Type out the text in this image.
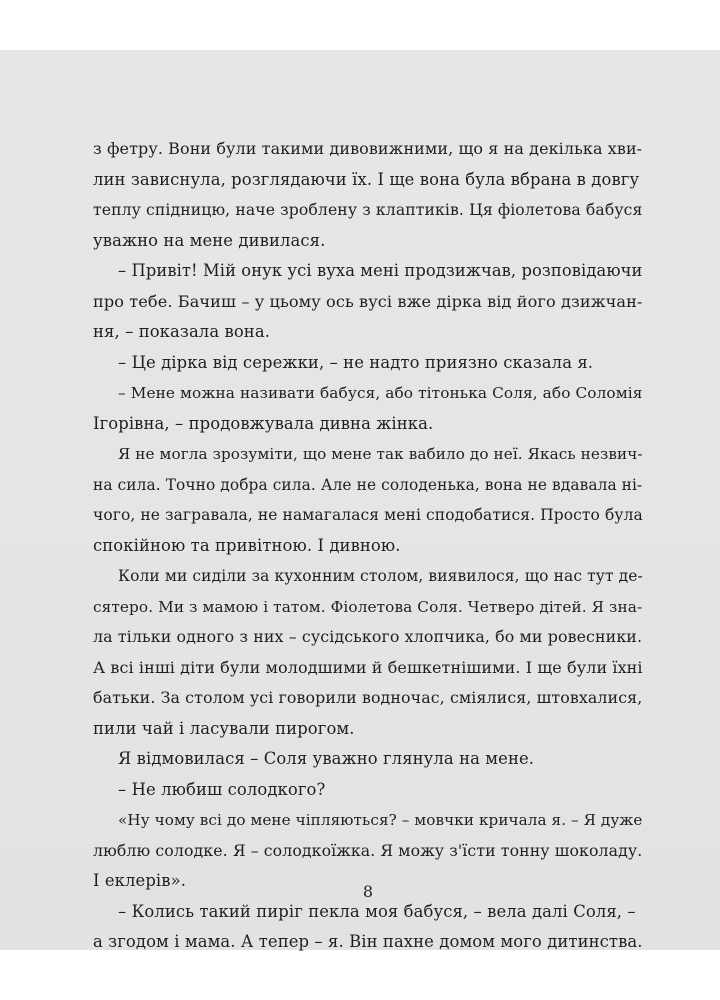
з фетру. Вони були такими дивовижними, що я на декілька хви-
лин зависнула, розглядаючи їх. І ще вона була вбрана в довгу
теплу спідницю, наче зроблену з клаптиків. Ця фіолетова бабуся
уважно на мене дивилася.
– Привіт! Мій онук усі вуха мені продзижчав, розповідаючи
про тебе. Бачиш – у цьому ось вусі вже дірка від його дзижчан-
ня, – показала вона.
– Це дірка від сережки, – не надто приязно сказала я.
– Мене можна називати бабуся, або тітонька Соля, або Соломія
Ігорівна, – продовжувала дивна жінка.
Я не могла зрозуміти, що мене так вабило до неї. Якась незвич-
на сила. Точно добра сила. Але не солоденька, вона не вдавала ні-
чого, не загравала, не намагалася мені сподобатися. Просто була
спокійною та привітною. І дивною.
Коли ми сиділи за кухонним столом, виявилося, що нас тут де-
сятеро. Ми з мамою і татом. Фіолетова Соля. Четверо дітей. Я зна-
ла тільки одного з них – сусідського хлопчика, бо ми ровесники.
А всі інші діти були молодшими й бешкетнішими. І ще були їхні
батьки. За столом усі говорили водночас, сміялися, штовхалися,
пили чай і ласували пирогом.
Я відмовилася – Соля уважно глянула на мене.
– Не любиш солодкого?
«Ну чому всі до мене чіпляються? – мовчки кричала я. – Я дуже
люблю солодке. Я – солодкоїжка. Я можу з'їсти тонну шоколаду.
І еклерів».
– Колись такий пиріг пекла моя бабуся, – вела далі Соля, –
а згодом і мама. А тепер – я. Він пахне домом мого дитинства.
8
